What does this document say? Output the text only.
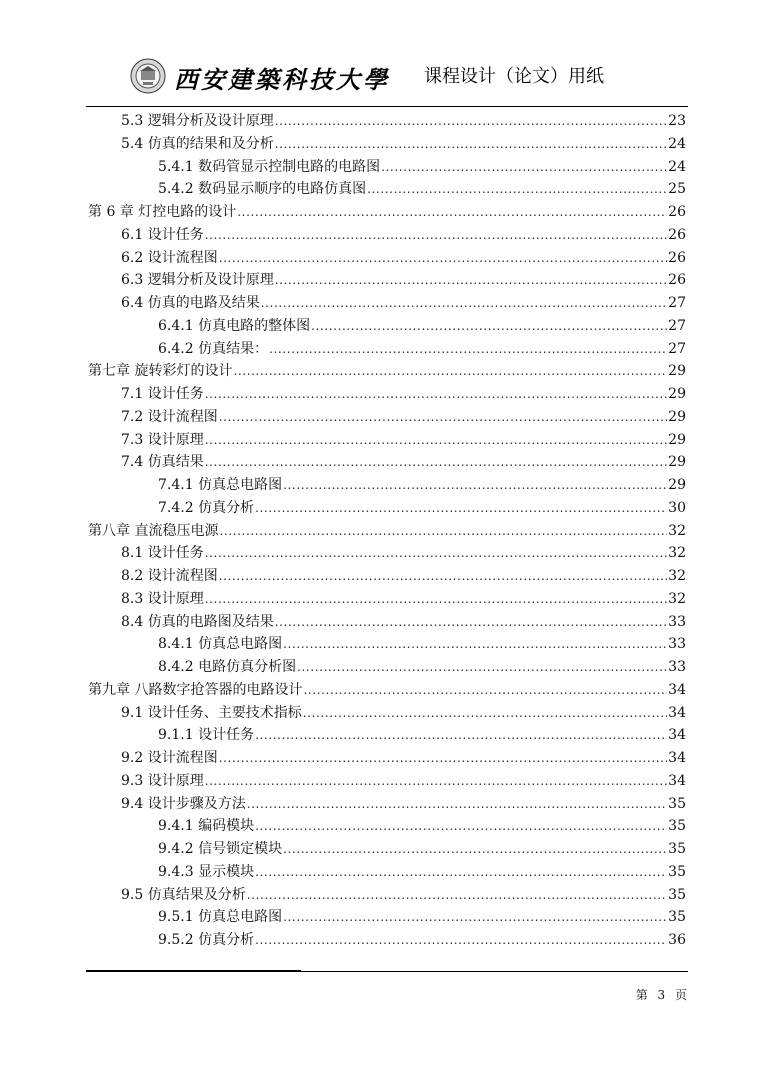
西安建築科技大學 课程设计（论文）用纸
5.3 逻辑分析及设计原理 .....	23
5.4 仿真的结果和及分析 .....	24
5.4.1 数码管显示控制电路的电路图 .....	24
5.4.2 数码显示顺序的电路仿真图 .....	25
第 6 章 灯控电路的设计 .....	26
6.1 设计任务 .....	26
6.2 设计流程图 .....	26
6.3 逻辑分析及设计原理 .....	26
6.4 仿真的电路及结果 .....	27
6.4.1 仿真电路的整体图 .....	27
6.4.2 仿真结果： .....	27
第七章 旋转彩灯的设计 .....	29
7.1 设计任务 .....	29
7.2 设计流程图 .....	29
7.3 设计原理 .....	29
7.4 仿真结果 .....	29
7.4.1 仿真总电路图 .....	29
7.4.2 仿真分析 .....	30
第八章 直流稳压电源 .....	32
8.1 设计任务 .....	32
8.2 设计流程图 .....	32
8.3 设计原理 .....	32
8.4 仿真的电路图及结果 .....	33
8.4.1 仿真总电路图 .....	33
8.4.2 电路仿真分析图 .....	33
第九章 八路数字抢答器的电路设计 .....	34
9.1 设计任务、主要技术指标 .....	34
9.1.1 设计任务 .....	34
9.2 设计流程图 .....	34
9.3 设计原理 .....	34
9.4 设计步骤及方法 .....	35
9.4.1 编码模块 .....	35
9.4.2 信号锁定模块 .....	35
9.4.3 显示模块 .....	35
9.5 仿真结果及分析 .....	35
9.5.1 仿真总电路图 .....	35
9.5.2 仿真分析 .....	36
第 3 页
